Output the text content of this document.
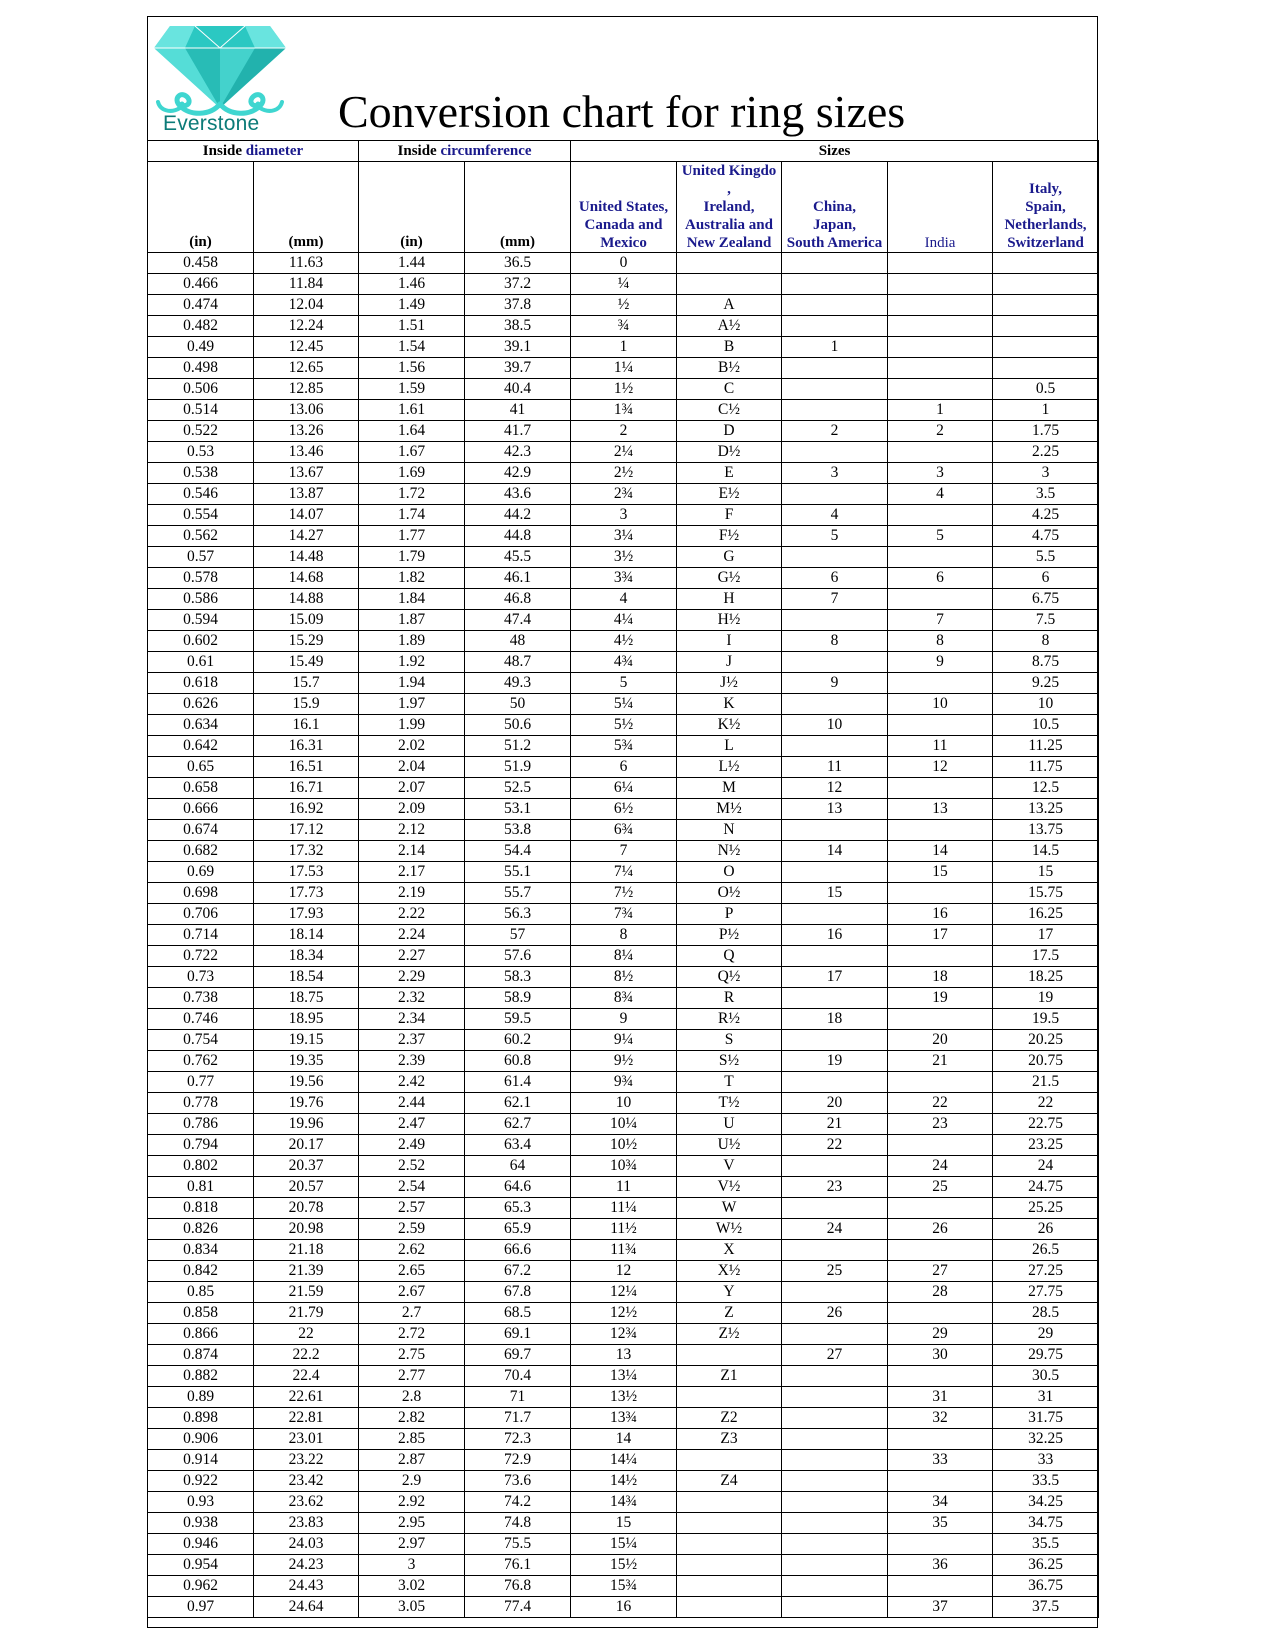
Everstone Conversion chart for ring sizes
Inside diameter		Inside circumference		Sizes				
(in)	(mm)	(in)	(mm)	United States,
Canada and
Mexico	United Kingdo
,
Ireland,
Australia and
New Zealand	China,
Japan,
South America	India	Italy,
Spain,
Netherlands,
Switzerland

0.458	11.63	1.44	36.5	0				
0.466	11.84	1.46	37.2	¼				
0.474	12.04	1.49	37.8	½	A			
0.482	12.24	1.51	38.5	¾	A½			
0.49	12.45	1.54	39.1	1	B	1		
0.498	12.65	1.56	39.7	1¼	B½			
0.506	12.85	1.59	40.4	1½	C			0.5
0.514	13.06	1.61	41	1¾	C½		1	1
0.522	13.26	1.64	41.7	2	D	2	2	1.75
0.53	13.46	1.67	42.3	2¼	D½			2.25
0.538	13.67	1.69	42.9	2½	E	3	3	3
0.546	13.87	1.72	43.6	2¾	E½		4	3.5
0.554	14.07	1.74	44.2	3	F	4		4.25
0.562	14.27	1.77	44.8	3¼	F½	5	5	4.75
0.57	14.48	1.79	45.5	3½	G			5.5
0.578	14.68	1.82	46.1	3¾	G½	6	6	6
0.586	14.88	1.84	46.8	4	H	7		6.75
0.594	15.09	1.87	47.4	4¼	H½		7	7.5
0.602	15.29	1.89	48	4½	I	8	8	8
0.61	15.49	1.92	48.7	4¾	J		9	8.75
0.618	15.7	1.94	49.3	5	J½	9		9.25
0.626	15.9	1.97	50	5¼	K		10	10
0.634	16.1	1.99	50.6	5½	K½	10		10.5
0.642	16.31	2.02	51.2	5¾	L		11	11.25
0.65	16.51	2.04	51.9	6	L½	11	12	11.75
0.658	16.71	2.07	52.5	6¼	M	12		12.5
0.666	16.92	2.09	53.1	6½	M½	13	13	13.25
0.674	17.12	2.12	53.8	6¾	N			13.75
0.682	17.32	2.14	54.4	7	N½	14	14	14.5
0.69	17.53	2.17	55.1	7¼	O		15	15
0.698	17.73	2.19	55.7	7½	O½	15		15.75
0.706	17.93	2.22	56.3	7¾	P		16	16.25
0.714	18.14	2.24	57	8	P½	16	17	17
0.722	18.34	2.27	57.6	8¼	Q			17.5
0.73	18.54	2.29	58.3	8½	Q½	17	18	18.25
0.738	18.75	2.32	58.9	8¾	R		19	19
0.746	18.95	2.34	59.5	9	R½	18		19.5
0.754	19.15	2.37	60.2	9¼	S		20	20.25
0.762	19.35	2.39	60.8	9½	S½	19	21	20.75
0.77	19.56	2.42	61.4	9¾	T			21.5
0.778	19.76	2.44	62.1	10	T½	20	22	22
0.786	19.96	2.47	62.7	10¼	U	21	23	22.75
0.794	20.17	2.49	63.4	10½	U½	22		23.25
0.802	20.37	2.52	64	10¾	V		24	24
0.81	20.57	2.54	64.6	11	V½	23	25	24.75
0.818	20.78	2.57	65.3	11¼	W			25.25
0.826	20.98	2.59	65.9	11½	W½	24	26	26
0.834	21.18	2.62	66.6	11¾	X			26.5
0.842	21.39	2.65	67.2	12	X½	25	27	27.25
0.85	21.59	2.67	67.8	12¼	Y		28	27.75
0.858	21.79	2.7	68.5	12½	Z	26		28.5
0.866	22	2.72	69.1	12¾	Z½		29	29
0.874	22.2	2.75	69.7	13		27	30	29.75
0.882	22.4	2.77	70.4	13¼	Z1			30.5
0.89	22.61	2.8	71	13½			31	31
0.898	22.81	2.82	71.7	13¾	Z2		32	31.75
0.906	23.01	2.85	72.3	14	Z3			32.25
0.914	23.22	2.87	72.9	14¼			33	33
0.922	23.42	2.9	73.6	14½	Z4			33.5
0.93	23.62	2.92	74.2	14¾			34	34.25
0.938	23.83	2.95	74.8	15			35	34.75
0.946	24.03	2.97	75.5	15¼				35.5
0.954	24.23	3	76.1	15½			36	36.25
0.962	24.43	3.02	76.8	15¾				36.75
0.97	24.64	3.05	77.4	16			37	37.5
